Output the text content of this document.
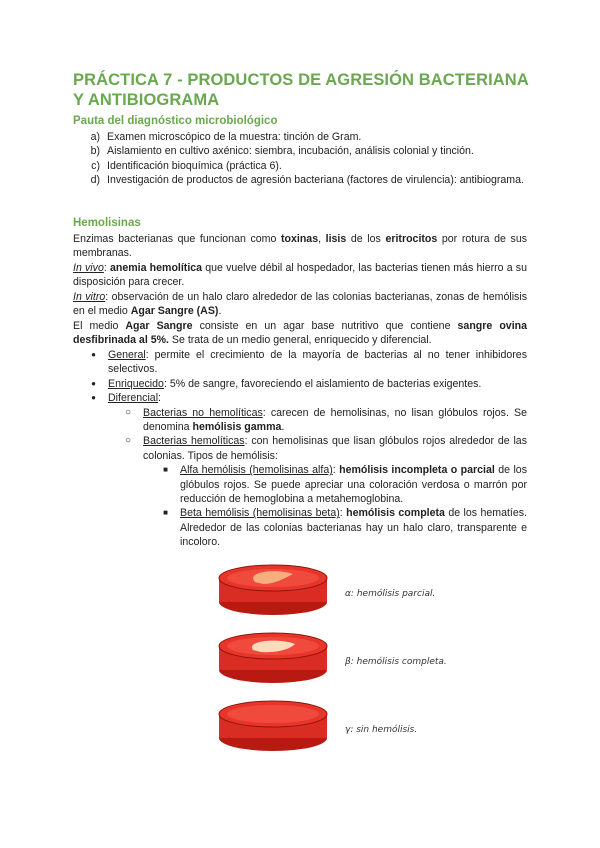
PRÁCTICA 7 - PRODUCTOS DE AGRESIÓN BACTERIANA Y ANTIBIOGRAMA
Pauta del diagnóstico microbiológico
a) Examen microscópico de la muestra: tinción de Gram.
b) Aislamiento en cultivo axénico: siembra, incubación, análisis colonial y tinción.
c) Identificación bioquímica (práctica 6).
d) Investigación de productos de agresión bacteriana (factores de virulencia): antibiograma.
Hemolisinas
Enzimas bacterianas que funcionan como toxinas, lisis de los eritrocitos por rotura de sus membranas.
In vivo: anemia hemolítica que vuelve débil al hospedador, las bacterias tienen más hierro a su disposición para crecer.
In vitro: observación de un halo claro alrededor de las colonias bacterianas, zonas de hemólisis en el medio Agar Sangre (AS).
El medio Agar Sangre consiste en un agar base nutritivo que contiene sangre ovina desfibrinada al 5%. Se trata de un medio general, enriquecido y diferencial.
●	General: permite el crecimiento de la mayoría de bacterias al no tener inhibidores selectivos.
●	Enriquecido: 5% de sangre, favoreciendo el aislamiento de bacterias exigentes.
●	Diferencial:
○	Bacterias no hemolíticas: carecen de hemolisinas, no lisan glóbulos rojos. Se denomina hemólisis gamma.
○	Bacterias hemolíticas: con hemolisinas que lisan glóbulos rojos alrededor de las colonias. Tipos de hemólisis:
■	Alfa hemólisis (hemolisinas alfa): hemólisis incompleta o parcial de los glóbulos rojos. Se puede apreciar una coloración verdosa o marrón por reducción de hemoglobina a metahemoglobina.
■	Beta hemólisis (hemolisinas beta): hemólisis completa de los hematíes. Alrededor de las colonias bacterianas hay un halo claro, transparente e incoloro.
α: hemólisis parcial.
β: hemólisis completa.
γ: sin hemólisis.
